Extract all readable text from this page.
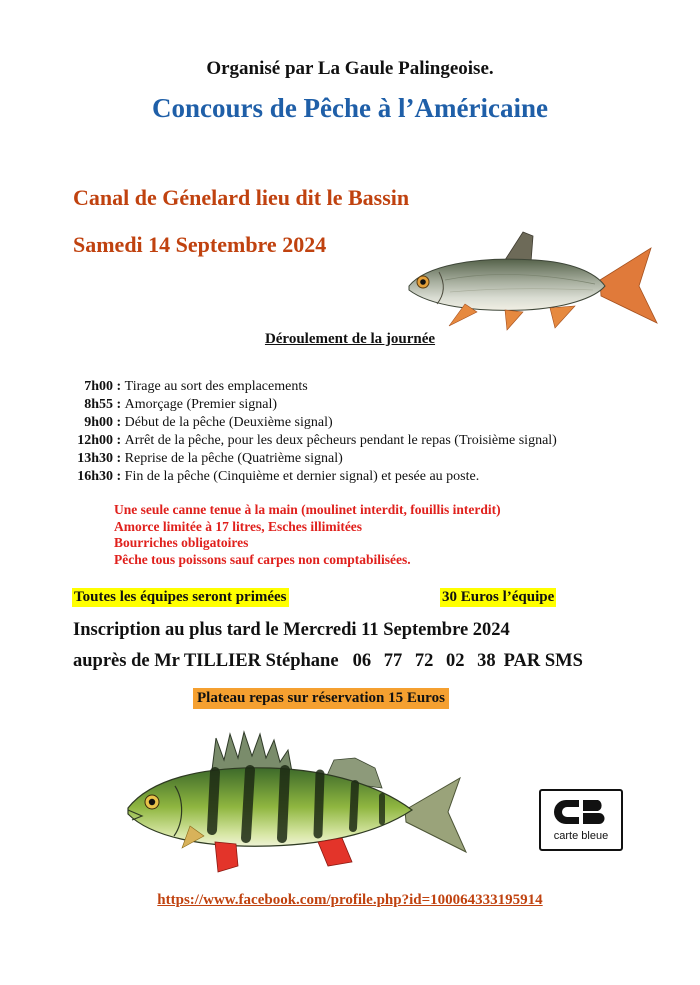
Organisé par La Gaule Palingeoise.
Concours de Pêche à l’Américaine
Canal de Génelard lieu dit le Bassin
Samedi 14 Septembre 2024
Déroulement de la journée
7h00 : Tirage au sort des emplacements
8h55 : Amorçage (Premier signal)
9h00 : Début de la pêche (Deuxième signal)
12h00 : Arrêt de la pêche, pour les deux pêcheurs pendant le repas (Troisième signal)
13h30 : Reprise de la pêche (Quatrième signal)
16h30 : Fin de la pêche (Cinquième et dernier signal) et pesée au poste.
Une seule canne tenue à la main (moulinet interdit, fouillis interdit)
Amorce limitée à 17 litres, Esches illimitées
Bourriches obligatoires
Pêche tous poissons sauf carpes non comptabilisées.
Toutes les équipes seront primées	30 Euros l’équipe
Inscription au plus tard le Mercredi 11 Septembre 2024
auprès de Mr TILLIER Stéphane 06 77 72 02 38 PAR SMS
Plateau repas sur réservation 15 Euros
carte bleue
https://www.facebook.com/profile.php?id=100064333195914
